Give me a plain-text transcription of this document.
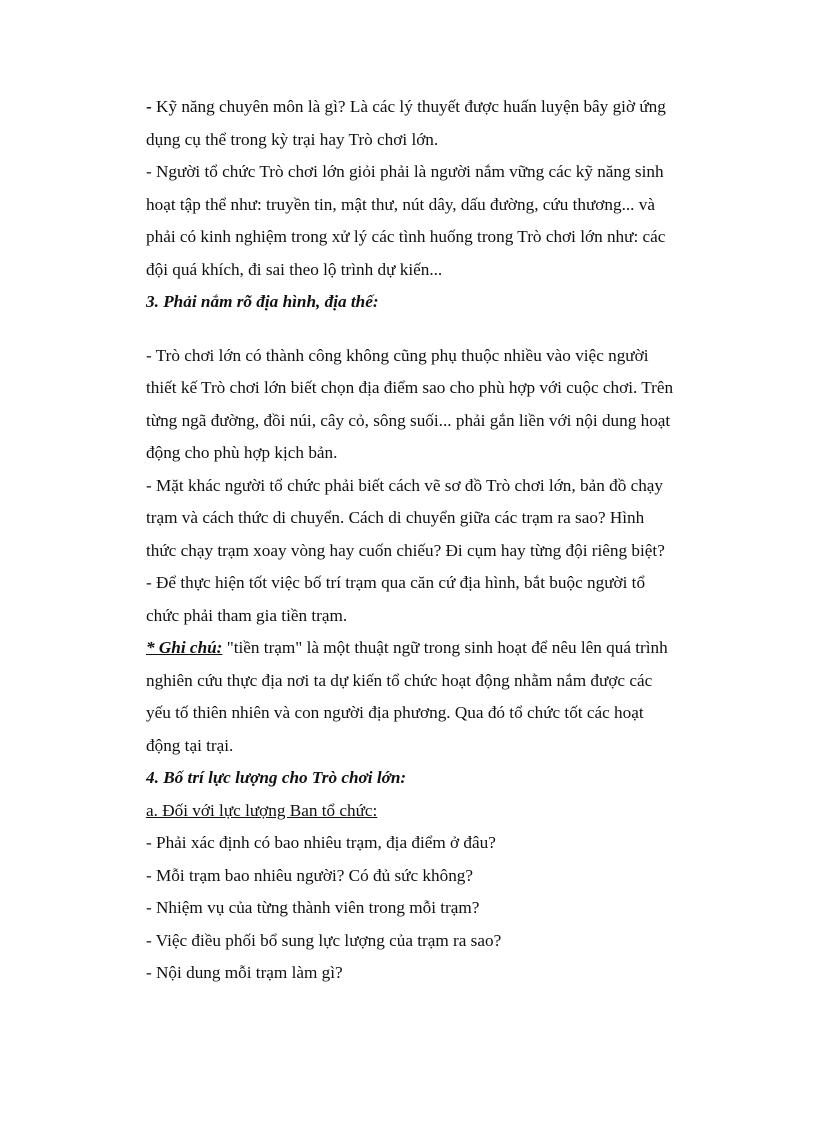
- Kỹ năng chuyên môn là gì? Là các lý thuyết được huấn luyện bây giờ ứng dụng cụ thể trong kỳ trại hay Trò chơi lớn.

- Người tổ chức Trò chơi lớn giỏi phải là người nắm vững các kỹ năng sinh hoạt tập thể như: truyền tin, mật thư, nút dây, dấu đường, cứu thương... và phải có kinh nghiệm trong xử lý các tình huống trong Trò chơi lớn như: các đội quá khích, đi sai theo lộ trình dự kiến...

3. Phải nắm rõ địa hình, địa thế:

- Trò chơi lớn có thành công không cũng phụ thuộc nhiều vào việc người thiết kế Trò chơi lớn biết chọn địa điểm sao cho phù hợp với cuộc chơi. Trên từng ngã đường, đồi núi, cây cỏ, sông suối... phải gắn liền với nội dung hoạt động cho phù hợp kịch bản.

- Mặt khác người tổ chức phải biết cách vẽ sơ đồ Trò chơi lớn, bản đồ chạy trạm và cách thức di chuyển. Cách di chuyển giữa các trạm ra sao? Hình thức chạy trạm xoay vòng hay cuốn chiếu? Đi cụm hay từng đội riêng biệt?

- Để thực hiện tốt việc bố trí trạm qua căn cứ địa hình, bắt buộc người tổ chức phải tham gia tiền trạm.

* Ghi chú: "tiền trạm" là một thuật ngữ trong sinh hoạt để nêu lên quá trình nghiên cứu thực địa nơi ta dự kiến tổ chức hoạt động nhằm nắm được các yếu tố thiên nhiên và con người địa phương. Qua đó tổ chức tốt các hoạt động tại trại.

4. Bố trí lực lượng cho Trò chơi lớn:

a. Đối với lực lượng Ban tổ chức:

- Phải xác định có bao nhiêu trạm, địa điểm ở đâu?

- Mỗi trạm bao nhiêu người? Có đủ sức không?

- Nhiệm vụ của từng thành viên trong mỗi trạm?

- Việc điều phối bổ sung lực lượng của trạm ra sao?

- Nội dung mỗi trạm làm gì?
